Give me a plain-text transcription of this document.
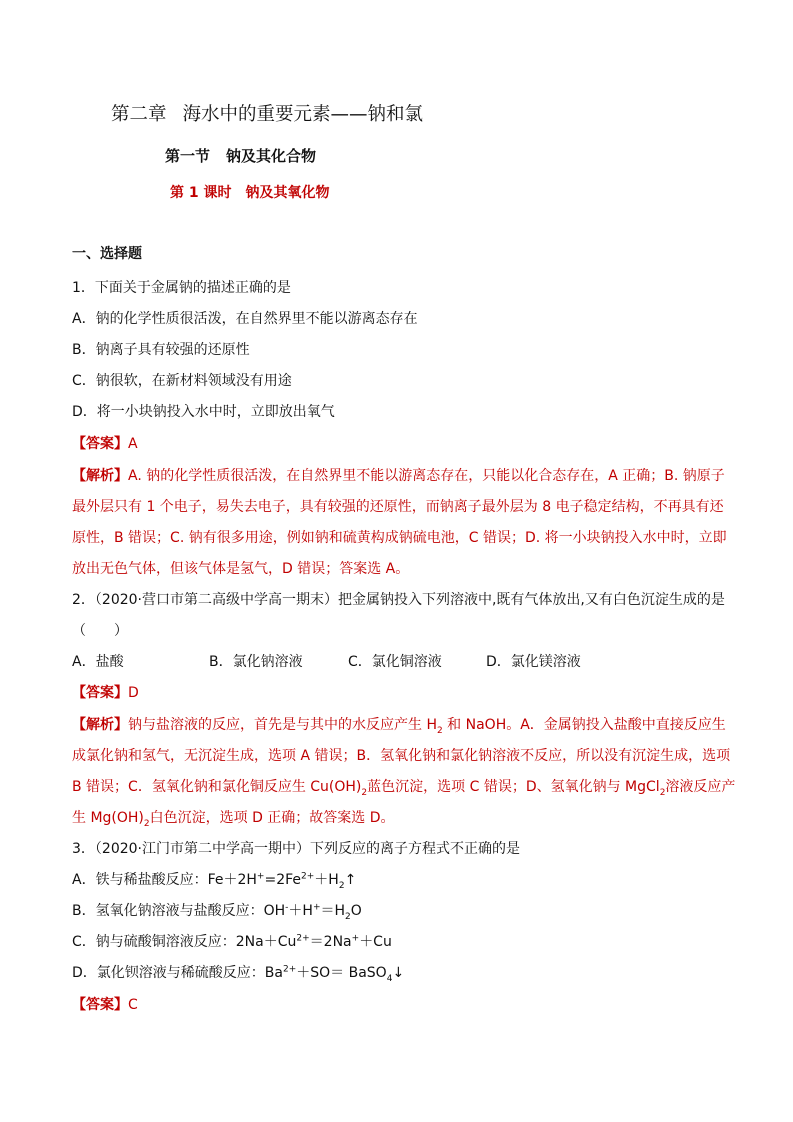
第二章 海水中的重要元素——钠和氯
第一节 钠及其化合物
第 1 课时 钠及其氧化物
一、选择题
1．下面关于金属钠的描述正确的是
A．钠的化学性质很活泼，在自然界里不能以游离态存在
B．钠离子具有较强的还原性
C．钠很软，在新材料领域没有用途
D．将一小块钠投入水中时，立即放出氧气
【答案】A
【解析】A. 钠的化学性质很活泼，在自然界里不能以游离态存在，只能以化合态存在，A 正确；B. 钠原子
最外层只有 1 个电子，易失去电子，具有较强的还原性，而钠离子最外层为 8 电子稳定结构，不再具有还
原性，B 错误；C. 钠有很多用途，例如钠和硫黄构成钠硫电池，C 错误；D. 将一小块钠投入水中时，立即
放出无色气体，但该气体是氢气，D 错误；答案选 A。
2．（2020·营口市第二高级中学高一期末）把金属钠投入下列溶液中,既有气体放出,又有白色沉淀生成的是
（　　）
A．盐酸	B．氯化钠溶液	C．氯化铜溶液	D．氯化镁溶液
【答案】D
【解析】钠与盐溶液的反应，首先是与其中的水反应产生 $H_2$ 和 NaOH。A．金属钠投入盐酸中直接反应生
成氯化钠和氢气，无沉淀生成，选项 A 错误；B．氢氧化钠和氯化钠溶液不反应，所以没有沉淀生成，选项
B 错误；C．氢氧化钠和氯化铜反应生 $Cu(OH)_2$蓝色沉淀，选项 C 错误；D、氢氧化钠与 MgCl$_2$溶液反应产
生 $Mg(OH)_2$白色沉淀，选项 D 正确；故答案选 D。
3．（2020·江门市第二中学高一期中）下列反应的离子方程式不正确的是
A．铁与稀盐酸反应：$Fe+2H^+=2Fe^{2+}+H_2↑$
B．氢氧化钠溶液与盐酸反应：$OH^-+H^+=H_2O$
C．钠与硫酸铜溶液反应：$2Na+Cu^{2+}=2Na^++Cu$
D．氯化钡溶液与稀硫酸反应：$Ba^{2+}+SO=$ BaSO$_4$↓
【答案】C
